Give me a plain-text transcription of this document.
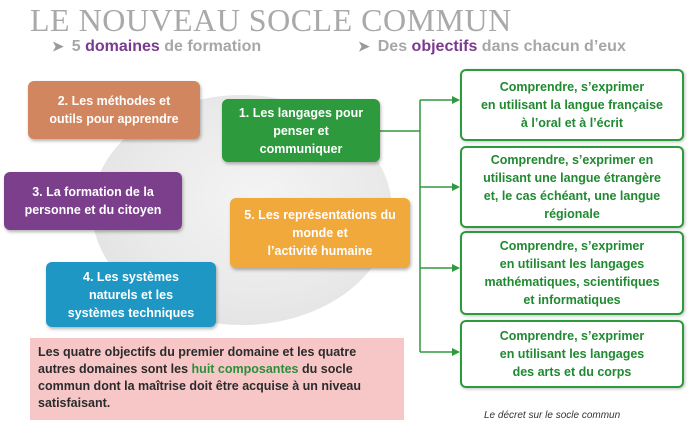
LE NOUVEAU SOCLE COMMUN
➤ 5 domaines de formation	➤ Des objectifs dans chacun d’eux
1. Les langages pour
penser et
communiquer
2. Les méthodes et
outils pour apprendre
3. La formation de la
personne et du citoyen
4. Les systèmes
naturels et les
systèmes techniques
5. Les représentations du
monde et
l’activité humaine
Comprendre, s’exprimer
en utilisant la langue française
à l’oral et à l’écrit
Comprendre, s’exprimer en
utilisant une langue étrangère
et, le cas échéant, une langue
régionale
Comprendre, s’exprimer
en utilisant les langages
mathématiques, scientifiques
et informatiques
Comprendre, s’exprimer
en utilisant les langages
des arts et du corps
Les quatre objectifs du premier domaine et les quatre autres domaines sont les huit composantes du socle commun dont la maîtrise doit être acquise à un niveau satisfaisant.
Le décret sur le socle commun
